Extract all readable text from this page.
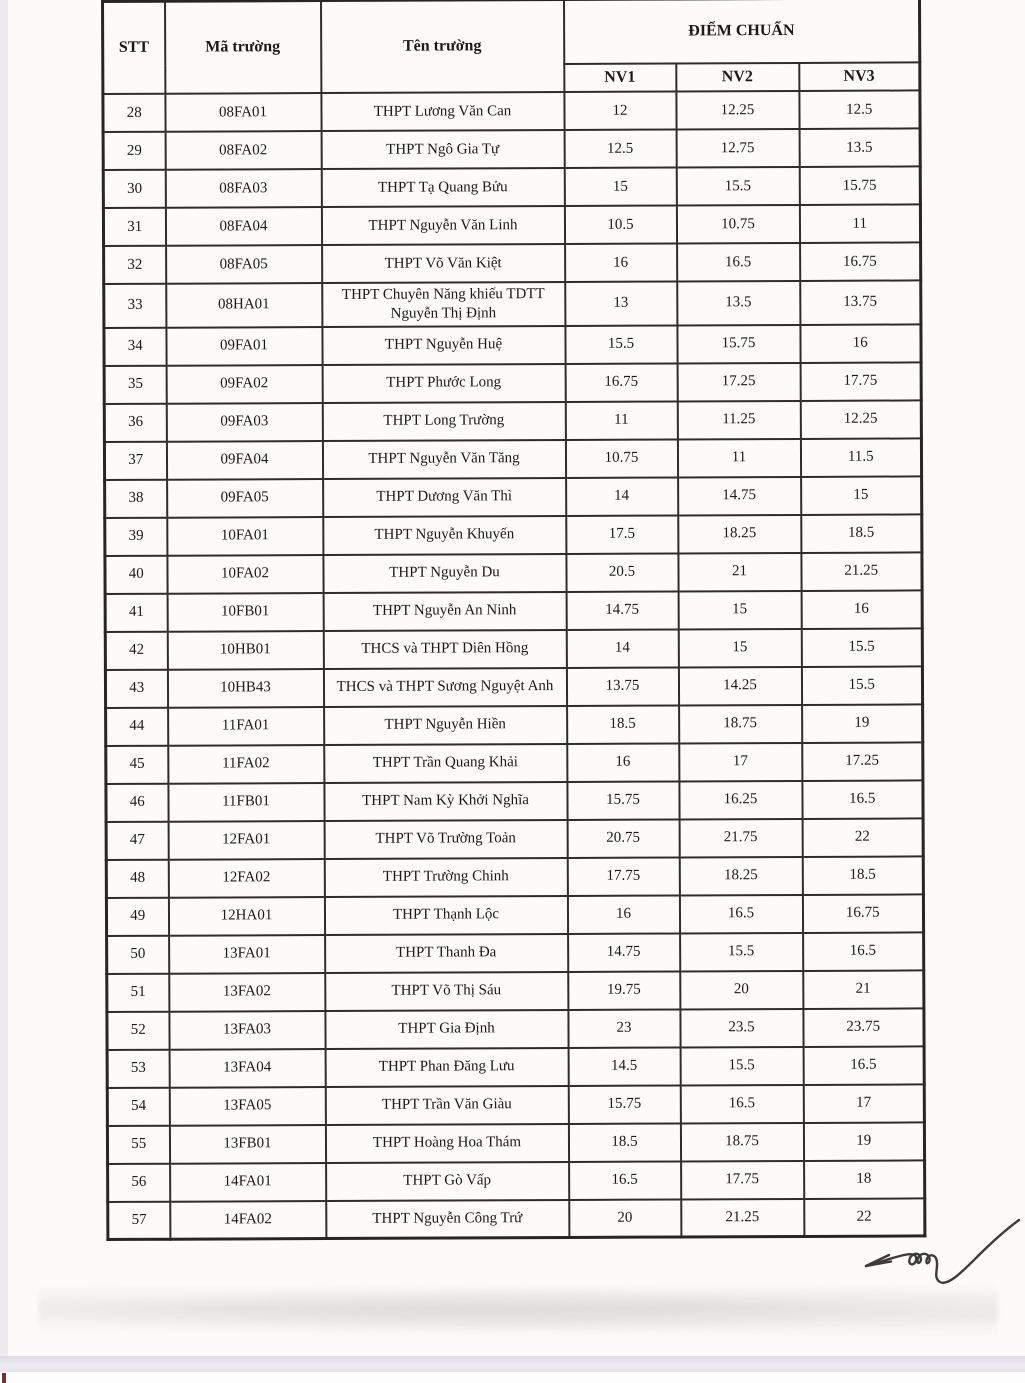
STT	Mã trường	Tên trường	ĐIỂM CHUẨN		
			NV1	NV2	NV3
28	08FA01	THPT Lương Văn Can	12	12.25	12.5
29	08FA02	THPT Ngô Gia Tự	12.5	12.75	13.5
30	08FA03	THPT Tạ Quang Bửu	15	15.5	15.75
31	08FA04	THPT Nguyễn Văn Linh	10.5	10.75	11
32	08FA05	THPT Võ Văn Kiệt	16	16.5	16.75
33	08HA01	THPT Chuyên Năng khiếu TDTT Nguyễn Thị Định	13	13.5	13.75
34	09FA01	THPT Nguyễn Huệ	15.5	15.75	16
35	09FA02	THPT Phước Long	16.75	17.25	17.75
36	09FA03	THPT Long Trường	11	11.25	12.25
37	09FA04	THPT Nguyễn Văn Tăng	10.75	11	11.5
38	09FA05	THPT Dương Văn Thì	14	14.75	15
39	10FA01	THPT Nguyễn Khuyến	17.5	18.25	18.5
40	10FA02	THPT Nguyễn Du	20.5	21	21.25
41	10FB01	THPT Nguyễn An Ninh	14.75	15	16
42	10HB01	THCS và THPT Diên Hồng	14	15	15.5
43	10HB43	THCS và THPT Sương Nguyệt Anh	13.75	14.25	15.5
44	11FA01	THPT Nguyễn Hiền	18.5	18.75	19
45	11FA02	THPT Trần Quang Khải	16	17	17.25
46	11FB01	THPT Nam Kỳ Khởi Nghĩa	15.75	16.25	16.5
47	12FA01	THPT Võ Trường Toản	20.75	21.75	22
48	12FA02	THPT Trường Chinh	17.75	18.25	18.5
49	12HA01	THPT Thạnh Lộc	16	16.5	16.75
50	13FA01	THPT Thanh Đa	14.75	15.5	16.5
51	13FA02	THPT Võ Thị Sáu	19.75	20	21
52	13FA03	THPT Gia Định	23	23.5	23.75
53	13FA04	THPT Phan Đăng Lưu	14.5	15.5	16.5
54	13FA05	THPT Trần Văn Giàu	15.75	16.5	17
55	13FB01	THPT Hoàng Hoa Thám	18.5	18.75	19
56	14FA01	THPT Gò Vấp	16.5	17.75	18
57	14FA02	THPT Nguyễn Công Trứ	20	21.25	22
